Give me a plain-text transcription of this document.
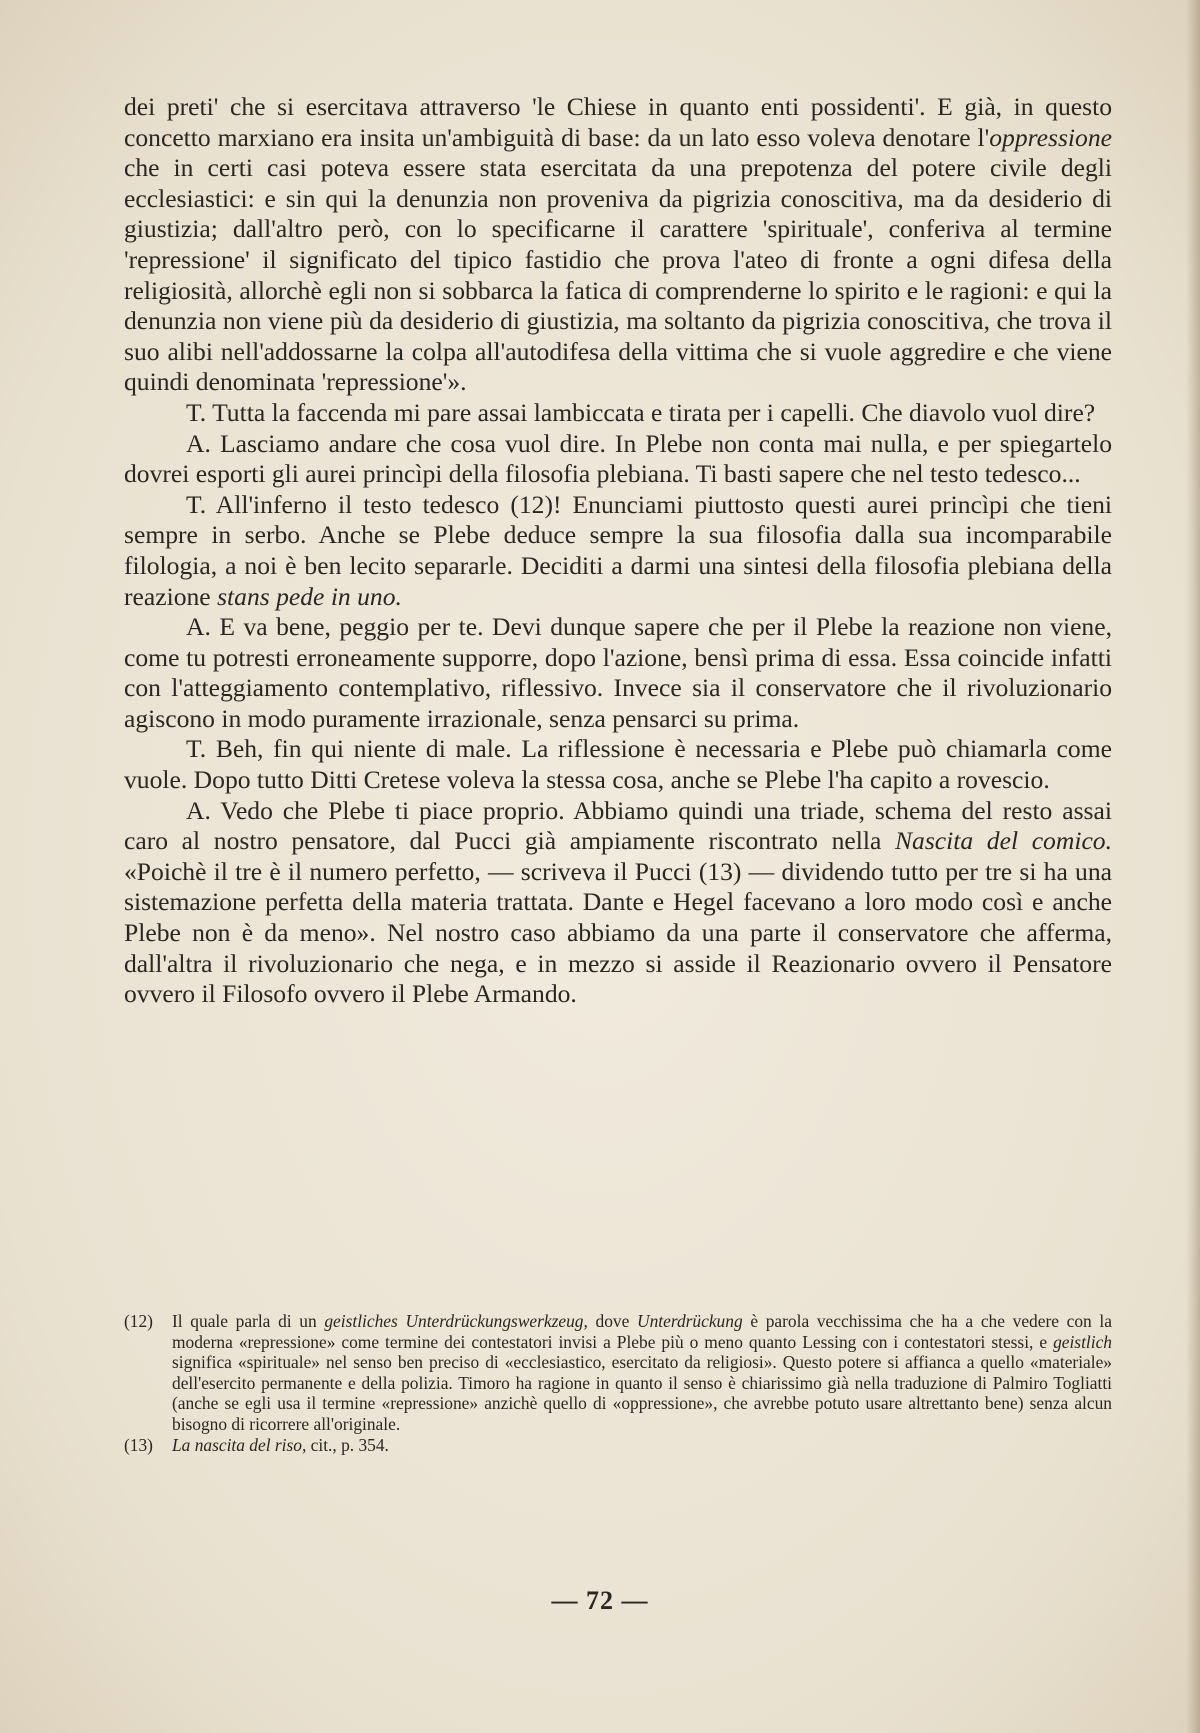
dei preti' che si esercitava attraverso 'le Chiese in quanto enti possidenti'. E già, in questo concetto marxiano era insita un'ambiguità di base: da un lato esso voleva denotare l'oppressione che in certi casi poteva essere stata esercitata da una prepotenza del potere civile degli ecclesiastici: e sin qui la denunzia non proveniva da pigrizia conoscitiva, ma da desiderio di giustizia; dall'altro però, con lo specificarne il carattere 'spirituale', conferiva al termine 'repressione' il significato del tipico fastidio che prova l'ateo di fronte a ogni difesa della religiosità, allorchè egli non si sobbarca la fatica di comprenderne lo spirito e le ragioni: e qui la denunzia non viene più da desiderio di giustizia, ma soltanto da pigrizia conoscitiva, che trova il suo alibi nell'addossarne la colpa all'autodifesa della vittima che si vuole aggredire e che viene quindi denominata 'repressione'».

T. Tutta la faccenda mi pare assai lambiccata e tirata per i capelli. Che diavolo vuol dire?

A. Lasciamo andare che cosa vuol dire. In Plebe non conta mai nulla, e per spiegartelo dovrei esporti gli aurei princìpi della filosofia plebiana. Ti basti sapere che nel testo tedesco...

T. All'inferno il testo tedesco (12)! Enunciami piuttosto questi aurei princìpi che tieni sempre in serbo. Anche se Plebe deduce sempre la sua filosofia dalla sua incomparabile filologia, a noi è ben lecito separarle. Deciditi a darmi una sintesi della filosofia plebiana della reazione stans pede in uno.

A. E va bene, peggio per te. Devi dunque sapere che per il Plebe la reazione non viene, come tu potresti erroneamente supporre, dopo l'azione, bensì prima di essa. Essa coincide infatti con l'atteggiamento contemplativo, riflessivo. Invece sia il conservatore che il rivoluzionario agiscono in modo puramente irrazionale, senza pensarci su prima.

T. Beh, fin qui niente di male. La riflessione è necessaria e Plebe può chiamarla come vuole. Dopo tutto Ditti Cretese voleva la stessa cosa, anche se Plebe l'ha capito a rovescio.

A. Vedo che Plebe ti piace proprio. Abbiamo quindi una triade, schema del resto assai caro al nostro pensatore, dal Pucci già ampiamente riscontrato nella Nascita del comico. «Poichè il tre è il numero perfetto, — scriveva il Pucci (13) — dividendo tutto per tre si ha una sistemazione perfetta della materia trattata. Dante e Hegel facevano a loro modo così e anche Plebe non è da meno». Nel nostro caso abbiamo da una parte il conservatore che afferma, dall'altra il rivoluzionario che nega, e in mezzo si asside il Reazionario ovvero il Pensatore ovvero il Filosofo ovvero il Plebe Armando.

(12)	Il quale parla di un geistliches Unterdrückungswerkzeug, dove Unterdrückung è parola vecchissima che ha a che vedere con la moderna «repressione» come termine dei contestatori invisi a Plebe più o meno quanto Lessing con i contestatori stessi, e geistlich significa «spirituale» nel senso ben preciso di «ecclesiastico, esercitato da religiosi». Questo potere si affianca a quello «materiale» dell'esercito permanente e della polizia. Timoro ha ragione in quanto il senso è chiarissimo già nella traduzione di Palmiro Togliatti (anche se egli usa il termine «repressione» anzichè quello di «oppressione», che avrebbe potuto usare altrettanto bene) senza alcun bisogno di ricorrere all'originale.
(13)	La nascita del riso, cit., p. 354.
— 72 —
